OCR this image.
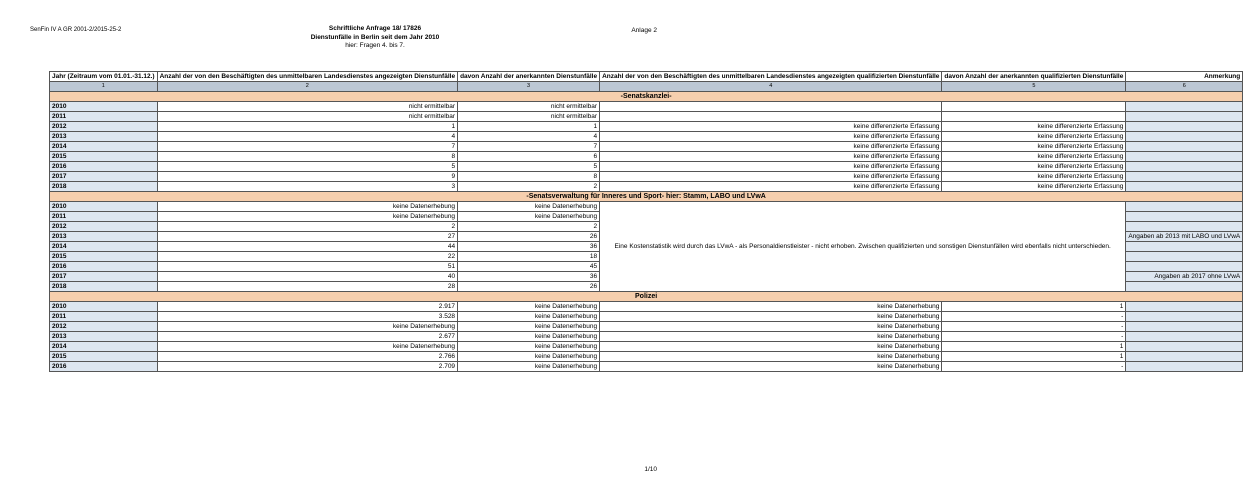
SenFin IV A GR 2001-2/2015-25-2	Schriftliche Anfrage 18/ 17826
Dienstunfälle in Berlin seit dem Jahr 2010
hier: Fragen 4. bis 7.
Anlage 2
Jahr (Zeitraum vom 01.01.-31.12.)	Anzahl der von den Beschäftigten des unmittelbaren Landesdienstes angezeigten Dienstunfälle	davon Anzahl der anerkannten Dienstunfälle	Anzahl der von den Beschäftigten des unmittelbaren Landesdienstes angezeigten qualifizierten Dienstunfälle	davon Anzahl der anerkannten qualifizierten Dienstunfälle	Anmerkung
1	2	3	4	5	6
-Senatskanzlei-					
2010	nicht ermittelbar	nicht ermittelbar			
2011	nicht ermittelbar	nicht ermittelbar			
2012	1	1	keine differenzierte Erfassung	keine differenzierte Erfassung	
2013	4	4	keine differenzierte Erfassung	keine differenzierte Erfassung	
2014	7	7	keine differenzierte Erfassung	keine differenzierte Erfassung	
2015	8	6	keine differenzierte Erfassung	keine differenzierte Erfassung	
2016	5	5	keine differenzierte Erfassung	keine differenzierte Erfassung	
2017	9	8	keine differenzierte Erfassung	keine differenzierte Erfassung	
2018	3	2	keine differenzierte Erfassung	keine differenzierte Erfassung	
-Senatsverwaltung für Inneres und Sport- hier: Stamm, LABO und LVwA					
2010	keine Datenerhebung	keine Datenerhebung	Eine Kostenstatistik wird durch das LVwA - als Personaldienstleister - nicht erhoben. Zwischen qualifizierten und sonstigen Dienstunfällen wird ebenfalls nicht unterschieden.		
2011	keine Datenerhebung	keine Datenerhebung			
2012	2	2			
2013	27	26			Angaben ab 2013 mit LABO und LVwA
2014	44	36			
2015	22	18			
2016	51	45			
2017	40	36			Angaben ab 2017 ohne LVwA
2018	28	26			
Polizei					
2010	2.917	keine Datenerhebung	keine Datenerhebung	1	
2011	3.528	keine Datenerhebung	keine Datenerhebung	-	
2012	keine Datenerhebung	keine Datenerhebung	keine Datenerhebung	-	
2013	2.677	keine Datenerhebung	keine Datenerhebung	-	
2014	keine Datenerhebung	keine Datenerhebung	keine Datenerhebung	1	
2015	2.766	keine Datenerhebung	keine Datenerhebung	1	
2016	2.709	keine Datenerhebung	keine Datenerhebung	-	
1/10
